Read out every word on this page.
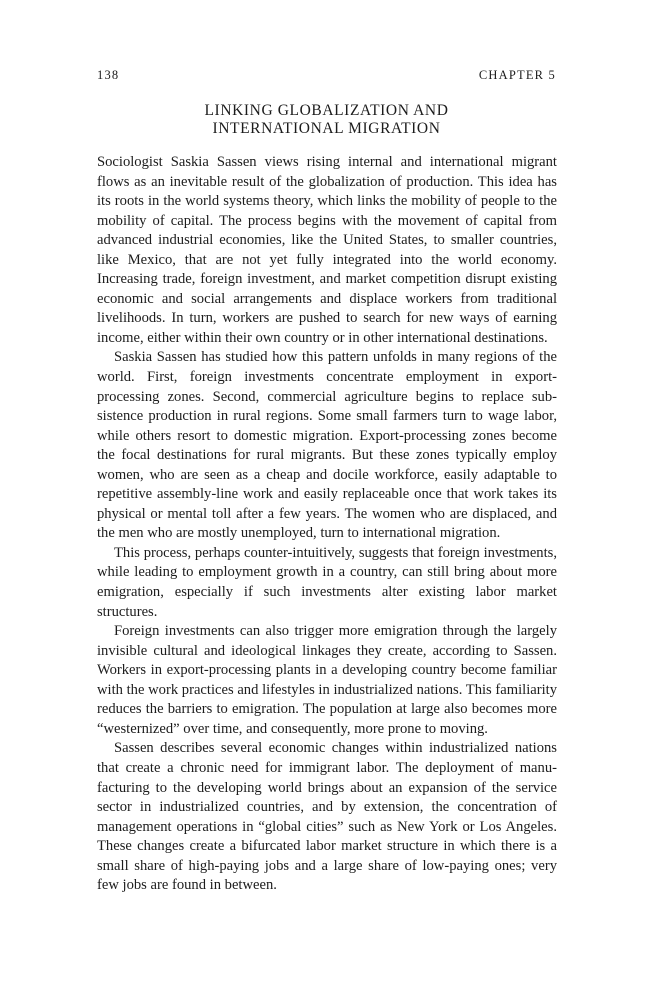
138	CHAPTER 5
LINKING GLOBALIZATION AND
INTERNATIONAL MIGRATION

Sociologist Saskia Sassen views rising internal and international migrant flows as an inevitable result of the globalization of production. This idea has its roots in the world systems theory, which links the mobility of people to the mobility of capital. The process begins with the movement of capital from advanced industrial economies, like the United States, to smaller countries, like Mexico, that are not yet fully integrated into the world economy. Increasing trade, foreign investment, and market competition disrupt existing economic and social arrangements and displace workers from traditional livelihoods. In turn, workers are pushed to search for new ways of earning income, either within their own country or in other international destinations.

Saskia Sassen has studied how this pattern unfolds in many regions of the world. First, foreign investments concentrate employment in export-processing zones. Second, commercial agriculture begins to replace subsistence production in rural regions. Some small farmers turn to wage labor, while others resort to domestic migration. Export-processing zones become the focal destinations for rural migrants. But these zones typically employ women, who are seen as a cheap and docile workforce, easily adaptable to repetitive assembly-line work and easily replaceable once that work takes its physical or mental toll after a few years. The women who are displaced, and the men who are mostly unemployed, turn to international migration.

This process, perhaps counter-intuitively, suggests that foreign investments, while leading to employment growth in a country, can still bring about more emigration, especially if such investments alter existing labor market structures.

Foreign investments can also trigger more emigration through the largely invisible cultural and ideological linkages they create, according to Sassen. Workers in export-processing plants in a developing country become familiar with the work practices and lifestyles in industrialized nations. This familiarity reduces the barriers to emigration. The population at large also becomes more “westernized” over time, and consequently, more prone to moving.

Sassen describes several economic changes within industrialized nations that create a chronic need for immigrant labor. The deployment of manufacturing to the developing world brings about an expansion of the service sector in industrialized countries, and by extension, the concentration of management operations in “global cities” such as New York or Los Angeles. These changes create a bifurcated labor market structure in which there is a small share of high-paying jobs and a large share of low-paying ones; very few jobs are found in between.
